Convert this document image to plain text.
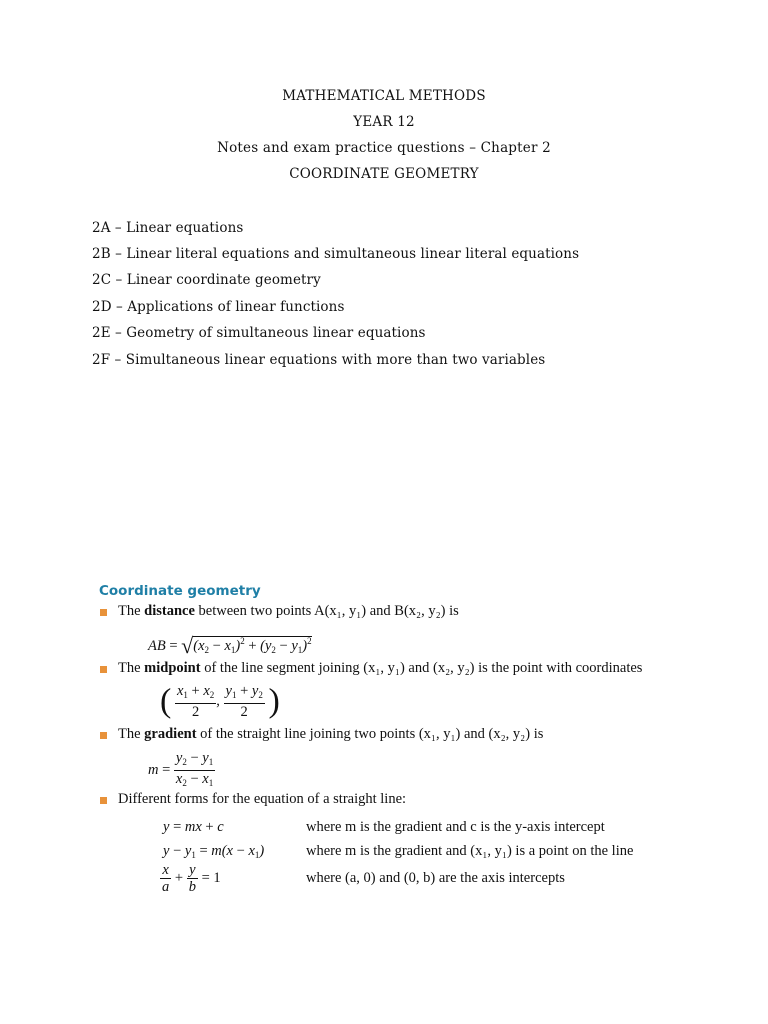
MATHEMATICAL METHODS
YEAR 12
Notes and exam practice questions – Chapter 2
COORDINATE GEOMETRY
2A – Linear equations
2B – Linear literal equations and simultaneous linear literal equations
2C – Linear coordinate geometry
2D – Applications of linear functions
2E – Geometry of simultaneous linear equations
2F – Simultaneous linear equations with more than two variables
Coordinate geometry
The distance between two points A(x₁, y₁) and B(x₂, y₂) is
AB = $√(x_2 - x_1)^2 + (y_2 - y_1)^2$
The midpoint of the line segment joining (x₁, y₁) and (x₂, y₂) is the point with coordinates
( $\frac{x_1 + x_2}{2}$ , $\frac{y_1 + y_2}{2}$ )
The gradient of the straight line joining two points (x₁, y₁) and (x₂, y₂) is
$m = \frac{y_2 - y_1}{x_2 - x_1}$
Different forms for the equation of a straight line:
y = mx + c	where m is the gradient and c is the y-axis intercept
$y - y_1 = m(x - x_1)$	where m is the gradient and (x₁, y₁) is a point on the line
$\frac{x}{a} + \frac{y}{b} = 1$	where (a, 0) and (0, b) are the axis intercepts
